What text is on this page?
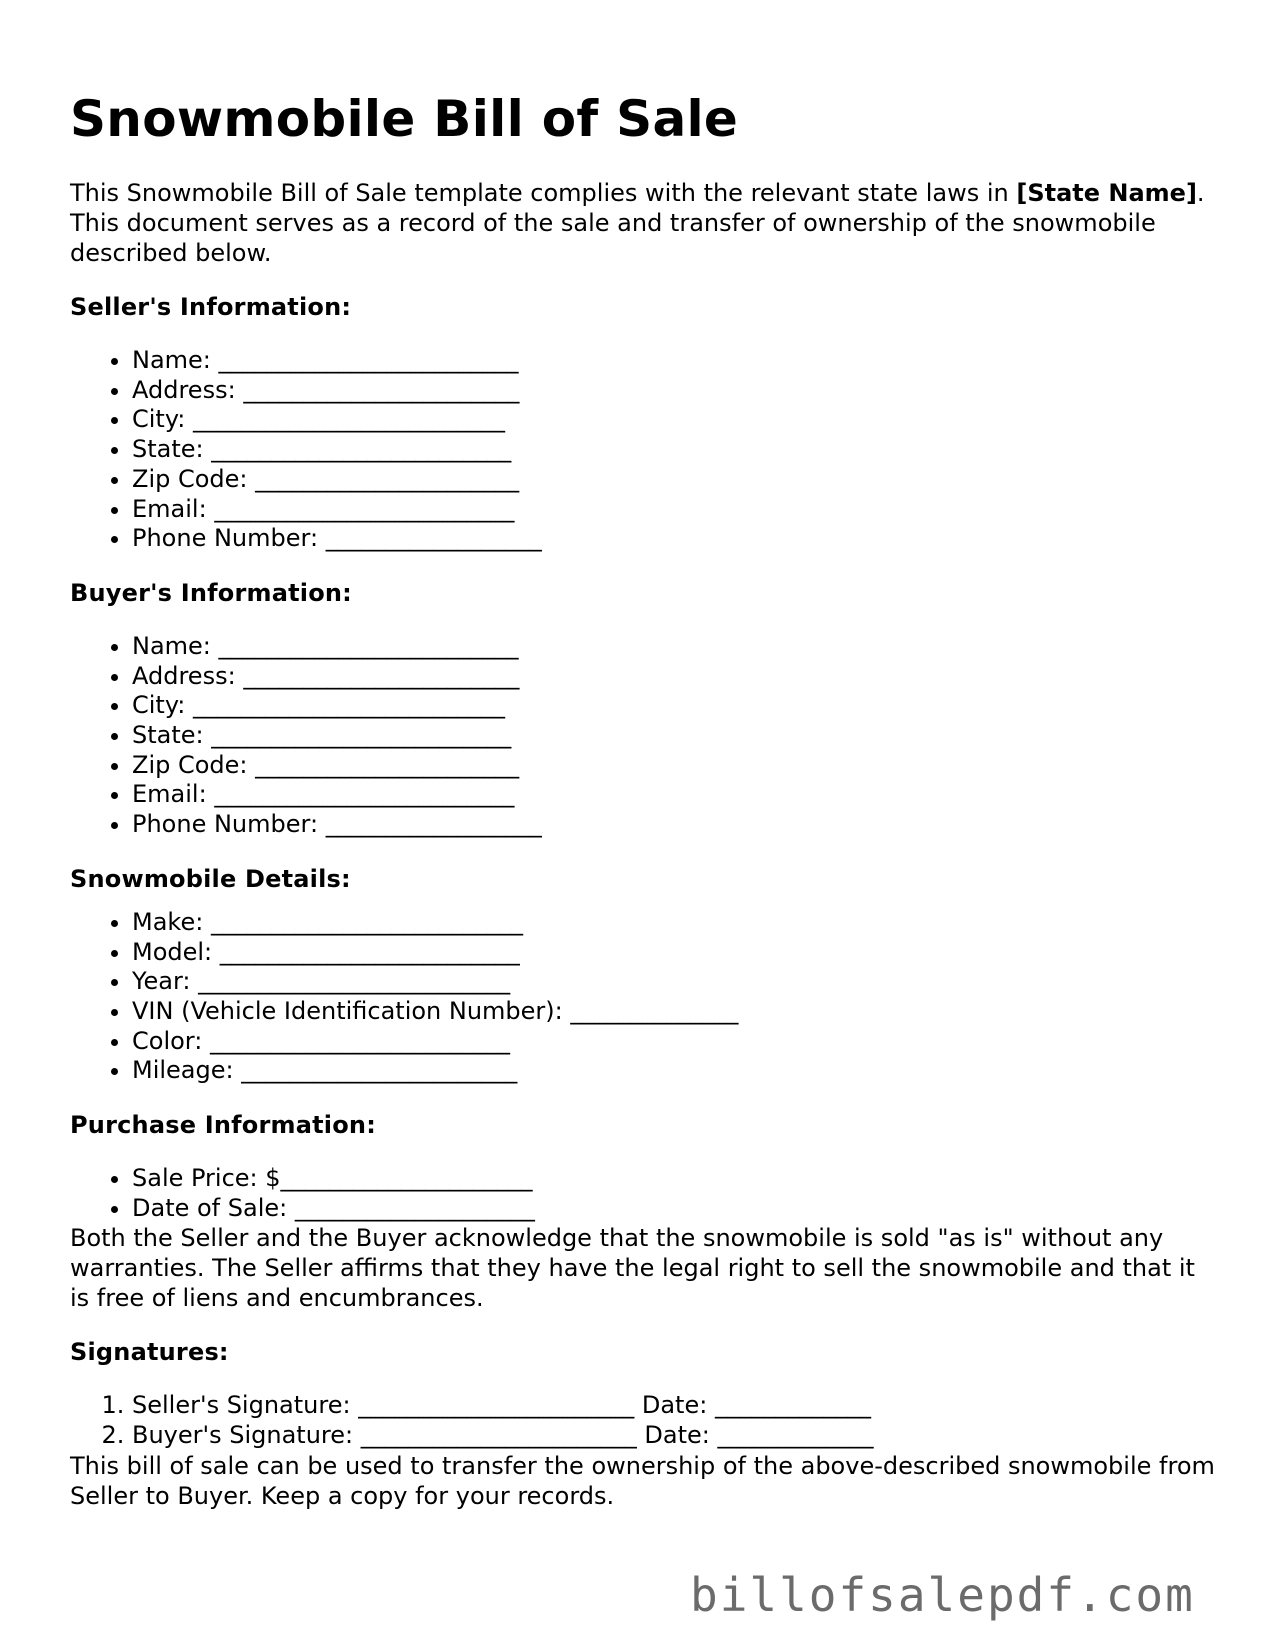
Snowmobile Bill of Sale

This Snowmobile Bill of Sale template complies with the relevant state laws in [State Name]. This document serves as a record of the sale and transfer of ownership of the snowmobile described below.

Seller's Information:
• Name: _________________________
• Address: _______________________
• City: __________________________
• State: _________________________
• Zip Code: ______________________
• Email: _________________________
• Phone Number: __________________
Buyer's Information:
• Name: _________________________
• Address: _______________________
• City: __________________________
• State: _________________________
• Zip Code: ______________________
• Email: _________________________
• Phone Number: __________________
Snowmobile Details:
• Make: __________________________
• Model: _________________________
• Year: __________________________
• VIN (Vehicle Identification Number): ______________
• Color: _________________________
• Mileage: _______________________
Purchase Information:
• Sale Price: $_____________________
• Date of Sale: ____________________

Both the Seller and the Buyer acknowledge that the snowmobile is sold "as is" without any warranties. The Seller affirms that they have the legal right to sell the snowmobile and that it is free of liens and encumbrances.

Signatures:
1. Seller's Signature: _______________________ Date: _____________
2. Buyer's Signature: _______________________ Date: _____________

This bill of sale can be used to transfer the ownership of the above-described snowmobile from Seller to Buyer. Keep a copy for your records.

billofsalepdf.com
